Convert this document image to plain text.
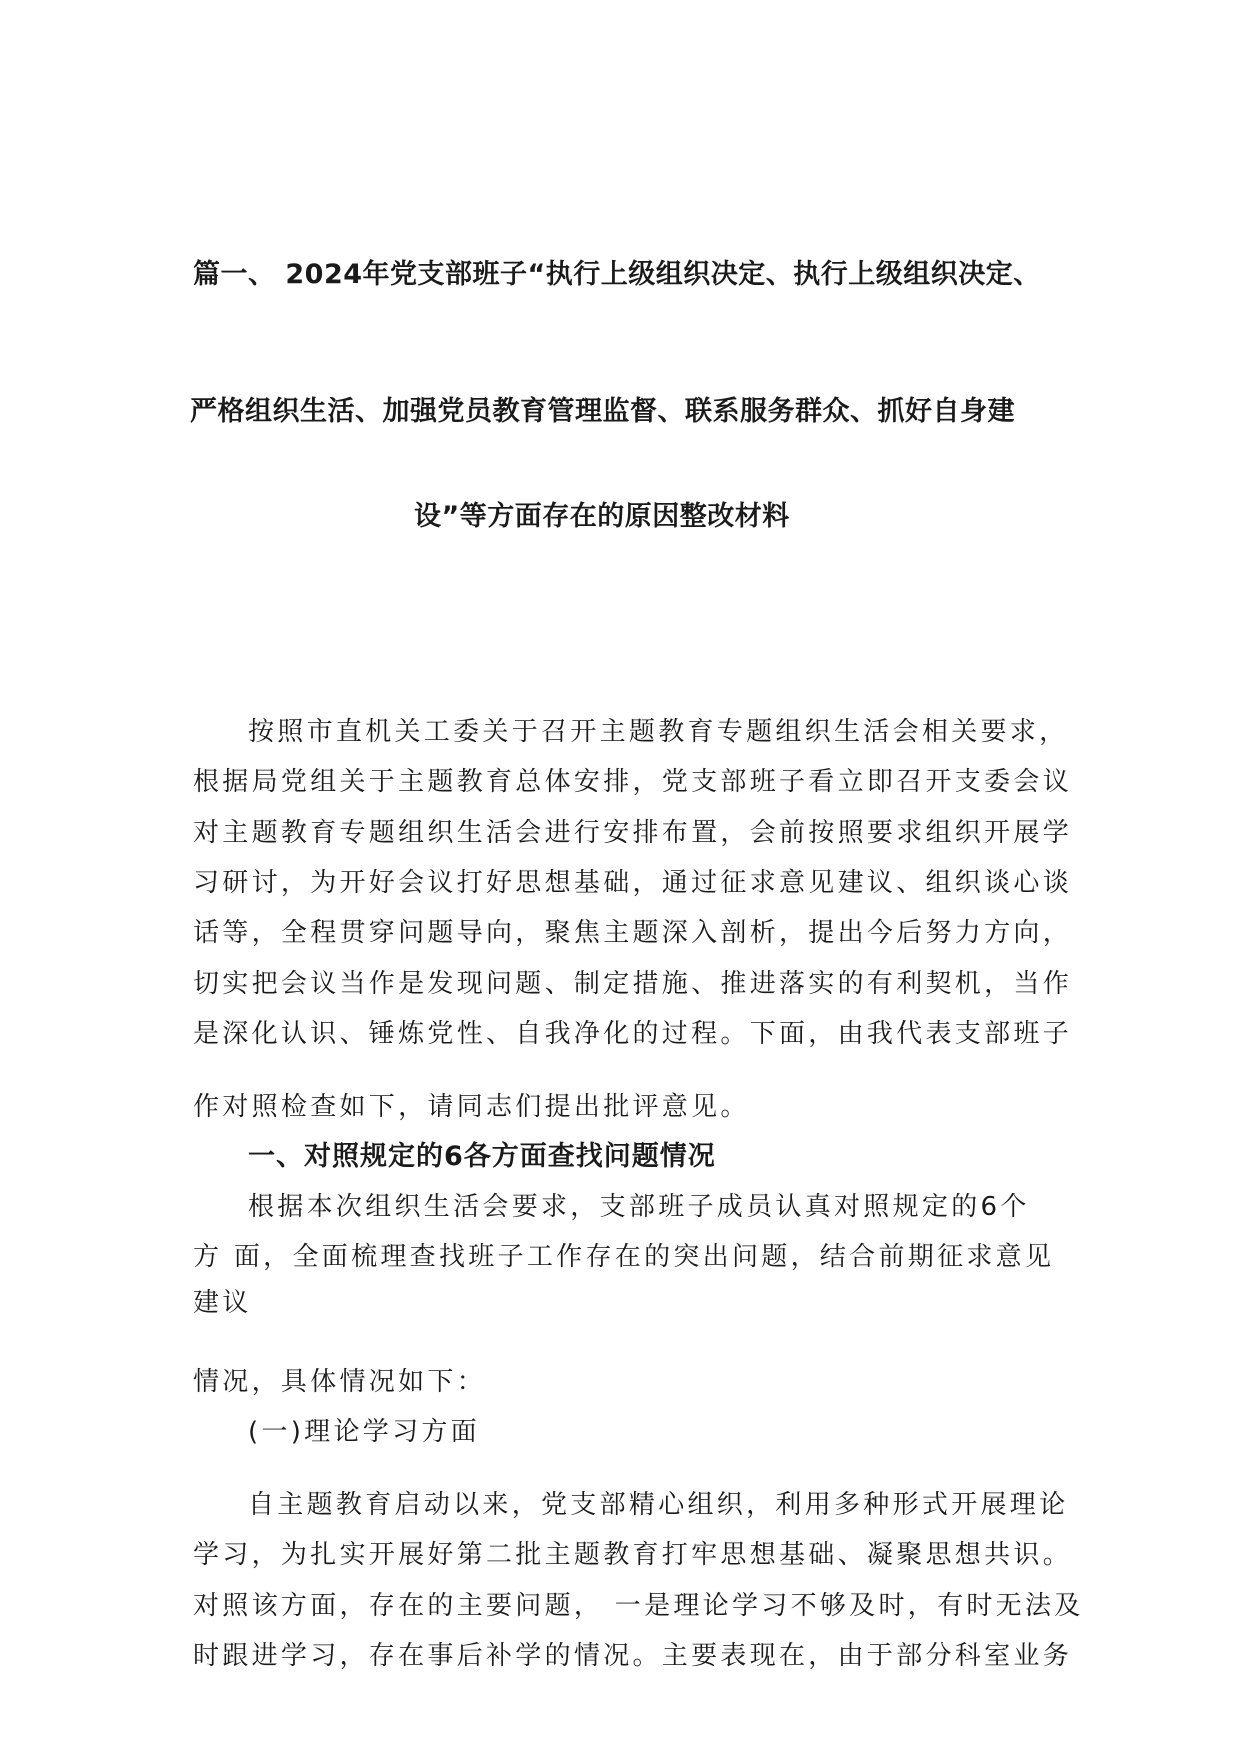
篇一、 2024年党支部班子“执行上级组织决定、执行上级组织决定、
严格组织生活、加强党员教育管理监督、联系服务群众、抓好自身建
设”等方面存在的原因整改材料
按照市直机关工委关于召开主题教育专题组织生活会相关要求，
根据局党组关于主题教育总体安排，党支部班子看立即召开支委会议
对主题教育专题组织生活会进行安排布置，会前按照要求组织开展学
习研讨，为开好会议打好思想基础，通过征求意见建议、组织谈心谈
话等，全程贯穿问题导向，聚焦主题深入剖析，提出今后努力方向，
切实把会议当作是发现问题、制定措施、推进落实的有利契机，当作
是深化认识、锤炼党性、自我净化的过程。下面，由我代表支部班子
作对照检查如下，请同志们提出批评意见。
一、对照规定的6各方面查找问题情况
根据本次组织生活会要求，支部班子成员认真对照规定的6个
方 面，全面梳理查找班子工作存在的突出问题，结合前期征求意见
建议
情况，具体情况如下：
(一)理论学习方面
自主题教育启动以来，党支部精心组织，利用多种形式开展理论
学习，为扎实开展好第二批主题教育打牢思想基础、凝聚思想共识。
对照该方面，存在的主要问题， 一是理论学习不够及时，有时无法及
时跟进学习，存在事后补学的情况。主要表现在，由于部分科室业务
